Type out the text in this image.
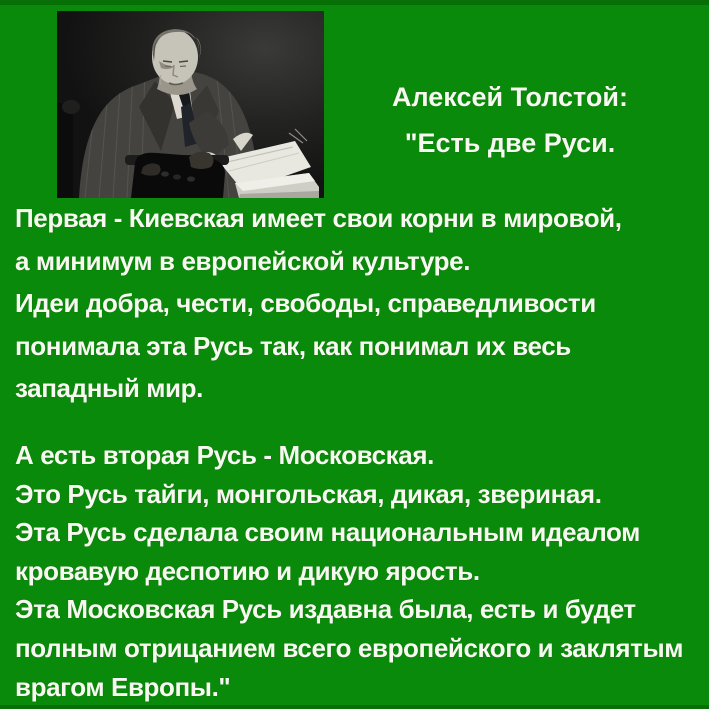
Алексей Толстой:
"Есть две Руси.
Первая - Киевская имеет свои корни в мировой,
а минимум в европейской культуре.
Идеи добра, чести, свободы, справедливости
понимала эта Русь так, как понимал их весь
западный мир.
А есть вторая Русь - Московская.
Это Русь тайги, монгольская, дикая, звериная.
Эта Русь сделала своим национальным идеалом
кровавую деспотию и дикую ярость.
Эта Московская Русь издавна была, есть и будет
полным отрицанием всего европейского и заклятым
врагом Европы."
